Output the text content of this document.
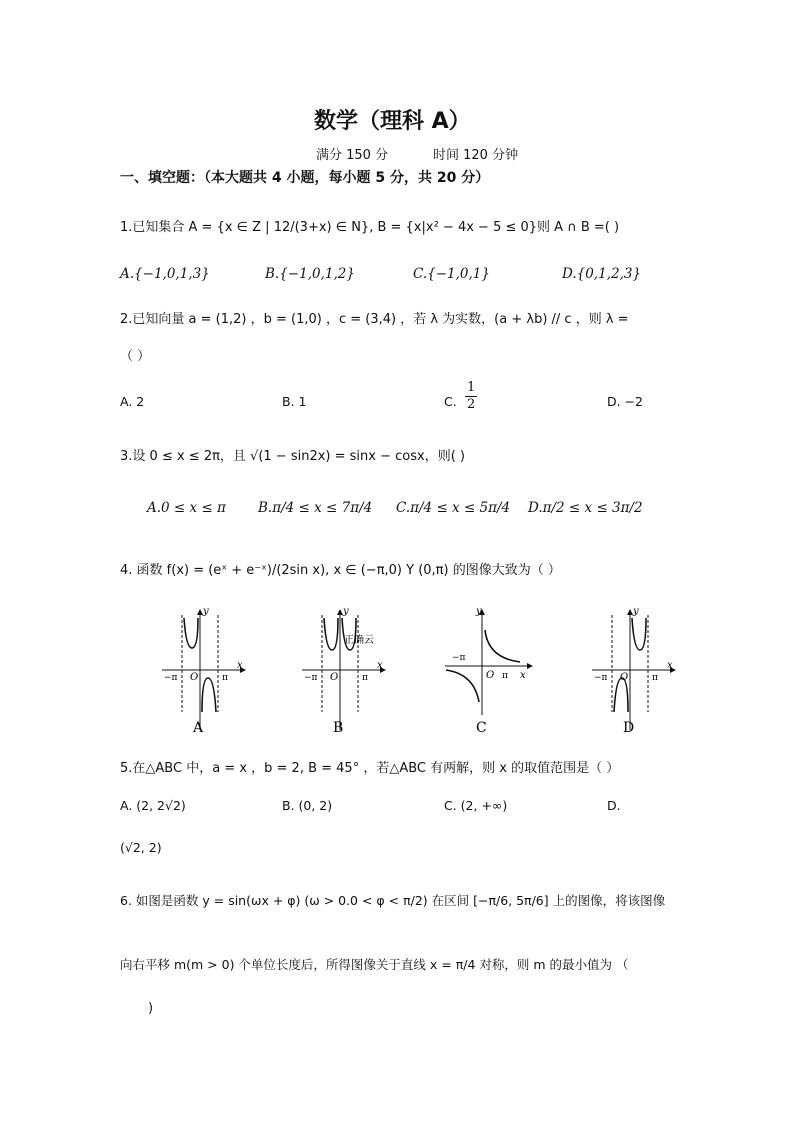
数学（理科 A）
满分 150 分	时间 120 分钟
一、填空题：（本大题共 4 小题，每小题 5 分，共 20 分）
1.已知集合 A = {x ∈ Z | 12/(3+x) ∈ N}, B = {x|x² − 4x − 5 ≤ 0}则 A ∩ B =( )
A.{−1,0,1,3}	B.{−1,0,1,2}	C.{−1,0,1}	D.{0,1,2,3}
2.已知向量 a = (1,2) ，b = (1,0) ，c = (3,4) ，若 λ 为实数，(a + λb) // c ，则 λ =
（ ）
A. 2	B. 1	C. $\frac{1}{2}$	D. −2
3.设 0 ≤ x ≤ 2π，且 √(1 − sin2x) = sinx − cosx，则( )
A.0 ≤ x ≤ π B.π/4 ≤ x ≤ 7π/4 C.π/4 ≤ x ≤ 5π/4 D.π/2 ≤ x ≤ 3π/2
4. 函数 f(x) = (eˣ + e⁻ˣ)/(2sin x), x ∈ (−π,0) Y (0,π) 的图像大致为（ ）
−π O	π
x
y
A
正确云
−π O	π
x
y
B
−π
O π x
y
C
−π O	π
x
y
D
5.在△ABC 中，a = x ，b = 2, B = 45° ，若△ABC 有两解，则 x 的取值范围是（ ）
A. (2, 2√2)	B. (0, 2)	C. (2, +∞)	D.
(√2, 2)
6. 如图是函数 y = sin(ωx + φ) (ω > 0.0 < φ < π/2) 在区间 [−π/6, 5π/6] 上的图像，将该图像
向右平移 m(m > 0) 个单位长度后，所得图像关于直线 x = π/4 对称，则 m 的最小值为 （
)
